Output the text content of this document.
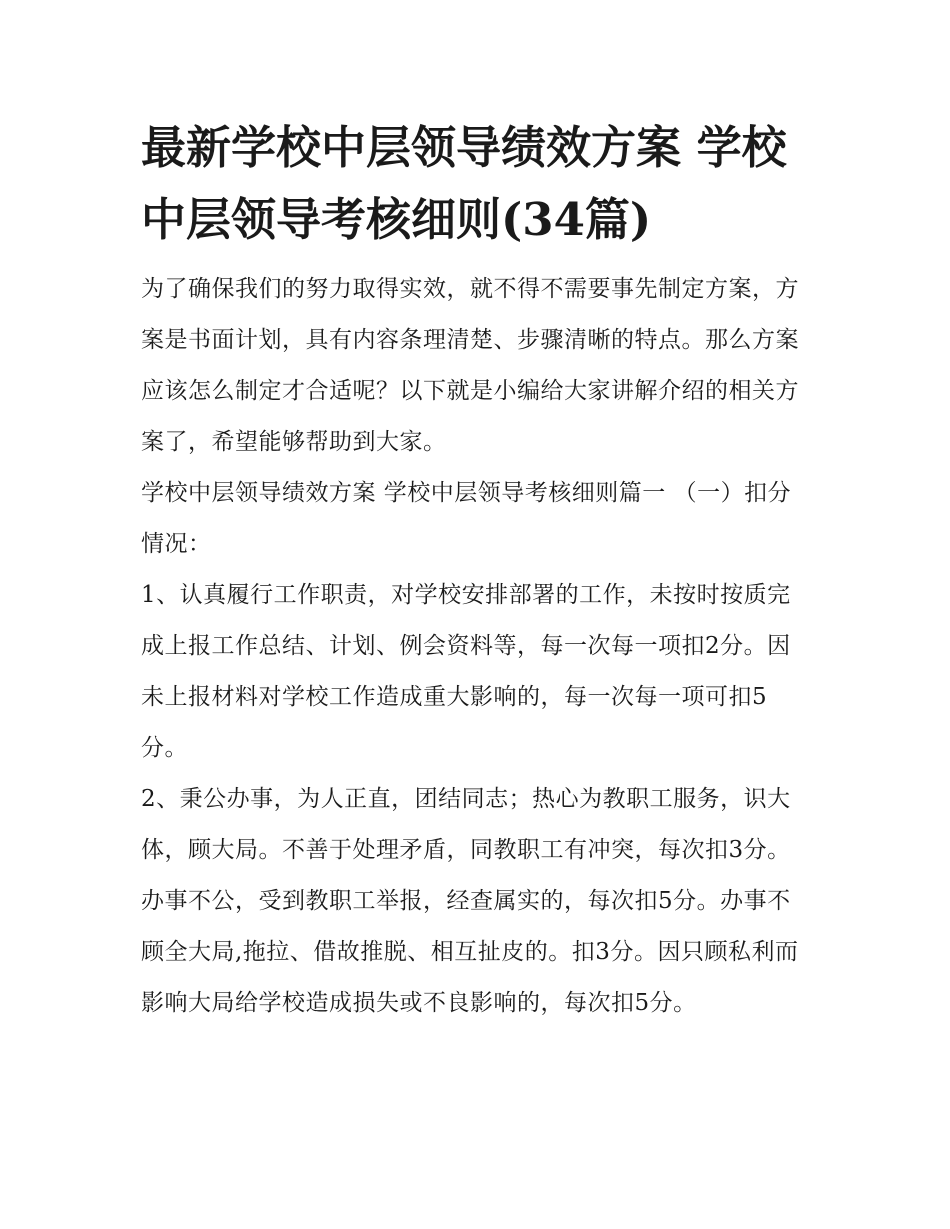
最新学校中层领导绩效方案 学校中层领导考核细则(34篇)

为了确保我们的努力取得实效，就不得不需要事先制定方案，方案是书面计划，具有内容条理清楚、步骤清晰的特点。那么方案应该怎么制定才合适呢？以下就是小编给大家讲解介绍的相关方案了，希望能够帮助到大家。

学校中层领导绩效方案 学校中层领导考核细则篇一 （一）扣分情况：

1、认真履行工作职责，对学校安排部署的工作，未按时按质完成上报工作总结、计划、例会资料等，每一次每一项扣2分。因未上报材料对学校工作造成重大影响的，每一次每一项可扣5分。

2、秉公办事，为人正直，团结同志；热心为教职工服务，识大体，顾大局。不善于处理矛盾，同教职工有冲突，每次扣3分。办事不公，受到教职工举报，经查属实的，每次扣5分。办事不顾全大局,拖拉、借故推脱、相互扯皮的。扣3分。因只顾私利而影响大局给学校造成损失或不良影响的，每次扣5分。
